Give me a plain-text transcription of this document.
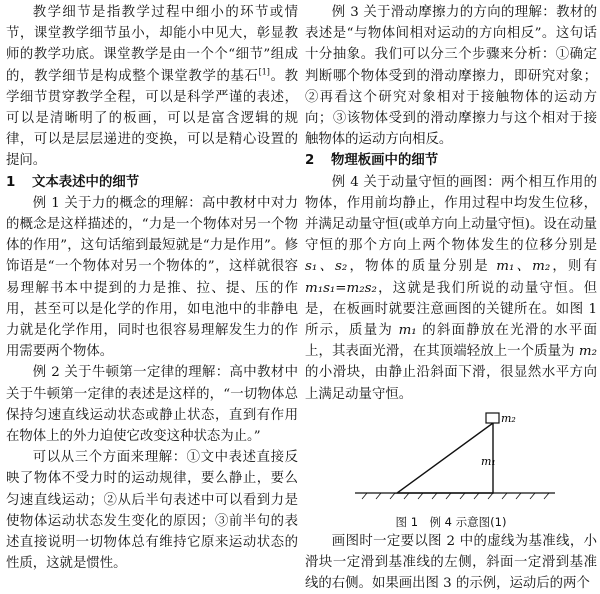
教学细节是指教学过程中细小的环节或情节，课堂教学细节虽小，却能小中见大，彰显教师的教学功底。课堂教学是由一个个“细节”组成的，教学细节是构成整个课堂教学的基石[1]。教学细节贯穿教学全程，可以是科学严谨的表述，可以是清晰明了的板画，可以是富含逻辑的规律，可以是层层递进的变换，可以是精心设置的提问。

1 文本表述中的细节

例 1 关于力的概念的理解：高中教材中对力的概念是这样描述的，“力是一个物体对另一个物体的作用”，这句话缩到最短就是“力是作用”。修饰语是“一个物体对另一个物体的”，这样就很容易理解书本中提到的力是推、拉、提、压的作用，甚至可以是化学的作用，如电池中的非静电力就是化学作用，同时也很容易理解发生力的作用需要两个物体。

例 2 关于牛顿第一定律的理解：高中教材中关于牛顿第一定律的表述是这样的，“一切物体总保持匀速直线运动状态或静止状态，直到有作用在物体上的外力迫使它改变这种状态为止。”

可以从三个方面来理解：①文中表述直接反映了物体不受力时的运动规律，要么静止，要么匀速直线运动；②从后半句表述中可以看到力是使物体运动状态发生变化的原因；③前半句的表述直接说明一切物体总有维持它原来运动状态的性质，这就是惯性。

例 3 关于滑动摩擦力的方向的理解：教材的表述是“与物体间相对运动的方向相反”。这句话十分抽象。我们可以分三个步骤来分析：①确定判断哪个物体受到的滑动摩擦力，即研究对象；②再看这个研究对象相对于接触物体的运动方向；③该物体受到的滑动摩擦力与这个相对于接触物体的运动方向相反。

2 物理板画中的细节

例 4 关于动量守恒的画图：两个相互作用的物体，作用前均静止，作用过程中均发生位移，并满足动量守恒(或单方向上动量守恒)。设在动量守恒的那个方向上两个物体发生的位移分别是 s₁、s₂，物体的质量分别是 m₁、m₂，则有 m₁s₁=m₂s₂，这就是我们所说的动量守恒。但是，在板画时就要注意画图的关键所在。如图 1 所示，质量为 m₁ 的斜面静放在光滑的水平面上，其表面光滑，在其顶端轻放上一个质量为 m₂ 的小滑块，由静止沿斜面下滑，很显然水平方向上满足动量守恒。

m₂
m₁

图 1　例 4 示意图(1)

画图时一定要以图 2 中的虚线为基准线，小滑块一定滑到基准线的左侧，斜面一定滑到基准线的右侧。如果画出图 3 的示例，运动后的两个
